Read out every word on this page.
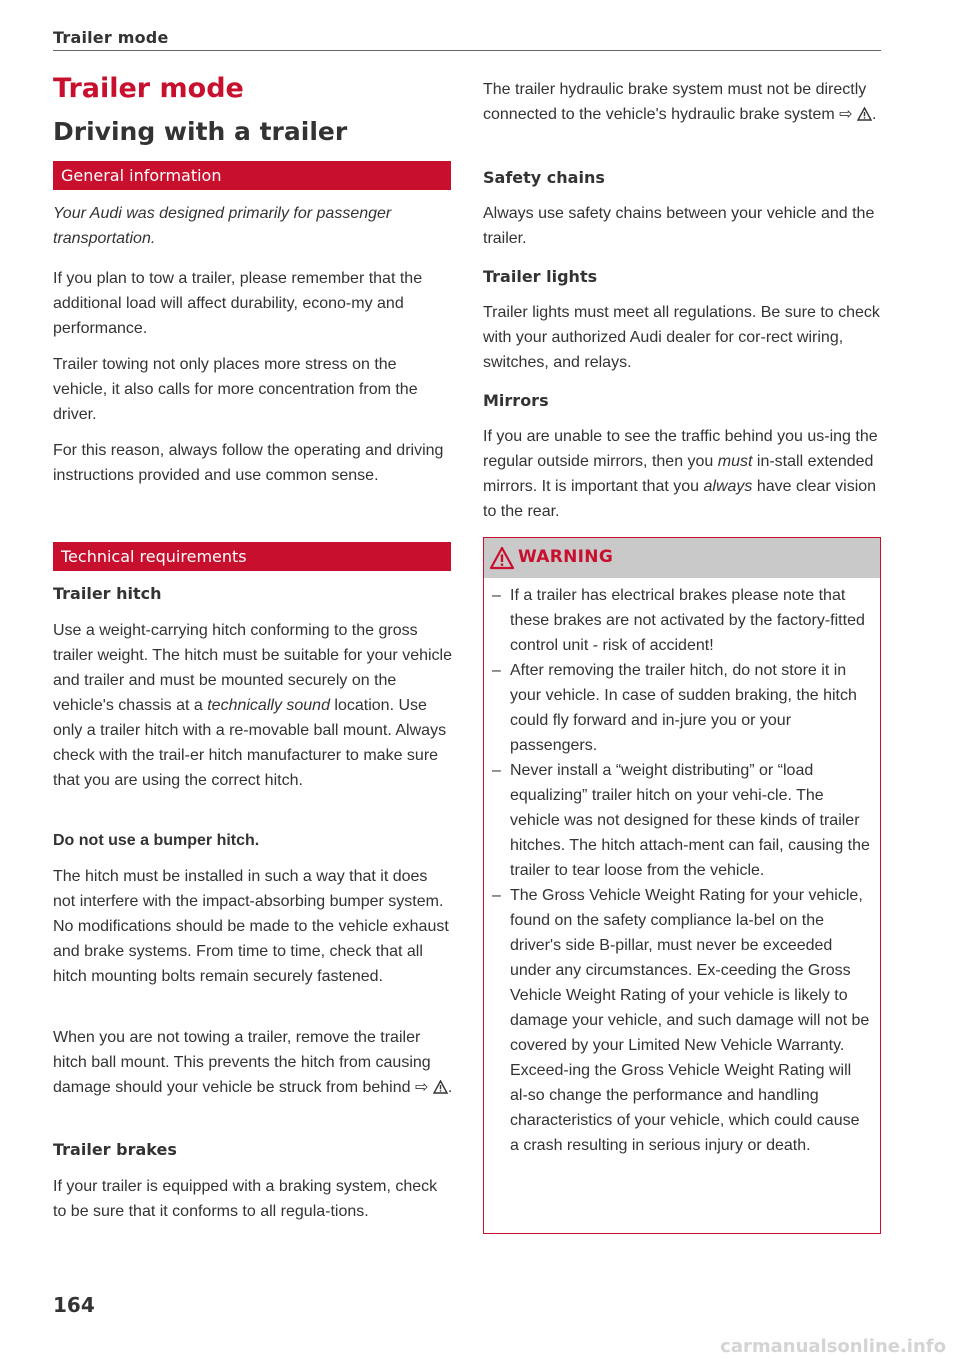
Trailer mode
Trailer mode
Driving with a trailer
General information

Your Audi was designed primarily for passenger transportation.

If you plan to tow a trailer, please remember that the additional load will affect durability, econo-my and performance.

Trailer towing not only places more stress on the vehicle, it also calls for more concentration from the driver.

For this reason, always follow the operating and driving instructions provided and use common sense.

Technical requirements
Trailer hitch

Use a weight-carrying hitch conforming to the gross trailer weight. The hitch must be suitable for your vehicle and trailer and must be mounted securely on the vehicle's chassis at a technically sound location. Use only a trailer hitch with a re-movable ball mount. Always check with the trail-er hitch manufacturer to make sure that you are using the correct hitch.

Do not use a bumper hitch.

The hitch must be installed in such a way that it does not interfere with the impact-absorbing bumper system. No modifications should be made to the vehicle exhaust and brake systems. From time to time, check that all hitch mounting bolts remain securely fastened.

When you are not towing a trailer, remove the trailer hitch ball mount. This prevents the hitch from causing damage should your vehicle be struck from behind ⇨ .

Trailer brakes

If your trailer is equipped with a braking system, check to be sure that it conforms to all regula-tions.

164

The trailer hydraulic brake system must not be directly connected to the vehicle's hydraulic brake system ⇨ .

Safety chains

Always use safety chains between your vehicle and the trailer.

Trailer lights

Trailer lights must meet all regulations. Be sure to check with your authorized Audi dealer for cor-rect wiring, switches, and relays.

Mirrors

If you are unable to see the traffic behind you us-ing the regular outside mirrors, then you must in-stall extended mirrors. It is important that you always have clear vision to the rear.

WARNING
– If a trailer has electrical brakes please note that these brakes are not activated by the factory-fitted control unit - risk of accident!
– After removing the trailer hitch, do not store it in your vehicle. In case of sudden braking, the hitch could fly forward and in-jure you or your passengers.
– Never install a “weight distributing” or “load equalizing” trailer hitch on your vehi-cle. The vehicle was not designed for these kinds of trailer hitches. The hitch attach-ment can fail, causing the trailer to tear loose from the vehicle.
– The Gross Vehicle Weight Rating for your vehicle, found on the safety compliance la-bel on the driver's side B-pillar, must never be exceeded under any circumstances. Ex-ceeding the Gross Vehicle Weight Rating of your vehicle is likely to damage your vehicle, and such damage will not be covered by your Limited New Vehicle Warranty. Exceed-ing the Gross Vehicle Weight Rating will al-so change the performance and handling characteristics of your vehicle, which could cause a crash resulting in serious injury or death.
carmanualsonline.info
